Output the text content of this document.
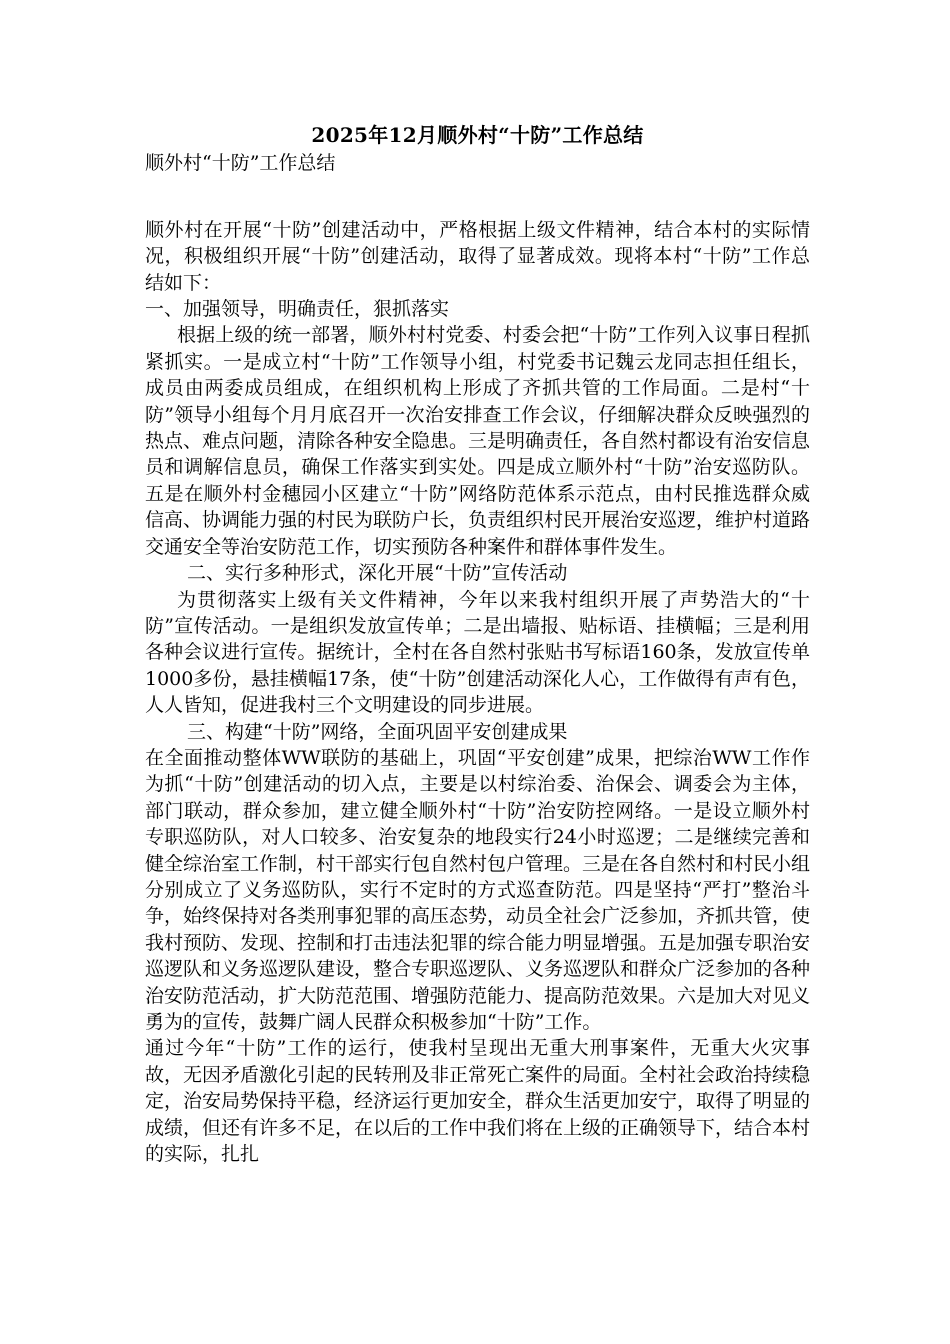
2025年12月顺外村“十防”工作总结

顺外村“十防”工作总结

顺外村在开展“十防”创建活动中，严格根据上级文件精神，结合本村的实际情况，积极组织开展“十防”创建活动，取得了显著成效。现将本村“十防”工作总结如下：

一、加强领导，明确责任，狠抓落实

根据上级的统一部署，顺外村村党委、村委会把“十防”工作列入议事日程抓紧抓实。一是成立村“十防”工作领导小组，村党委书记魏云龙同志担任组长，成员由两委成员组成，在组织机构上形成了齐抓共管的工作局面。二是村“十防”领导小组每个月月底召开一次治安排查工作会议，仔细解决群众反映强烈的热点、难点问题，清除各种安全隐患。三是明确责任，各自然村都设有治安信息员和调解信息员，确保工作落实到实处。四是成立顺外村“十防”治安巡防队。五是在顺外村金穗园小区建立“十防”网络防范体系示范点，由村民推选群众威信高、协调能力强的村民为联防户长，负责组织村民开展治安巡逻，维护村道路交通安全等治安防范工作，切实预防各种案件和群体事件发生。

二、实行多种形式，深化开展“十防”宣传活动

为贯彻落实上级有关文件精神，今年以来我村组织开展了声势浩大的“十防”宣传活动。一是组织发放宣传单；二是出墙报、贴标语、挂横幅；三是利用各种会议进行宣传。据统计，全村在各自然村张贴书写标语160条，发放宣传单1000多份，悬挂横幅17条，使“十防”创建活动深化人心，工作做得有声有色，人人皆知，促进我村三个文明建设的同步进展。

三、构建“十防”网络，全面巩固平安创建成果

在全面推动整体WW联防的基础上，巩固“平安创建”成果，把综治WW工作作为抓“十防”创建活动的切入点，主要是以村综治委、治保会、调委会为主体，部门联动，群众参加，建立健全顺外村“十防”治安防控网络。一是设立顺外村专职巡防队，对人口较多、治安复杂的地段实行24小时巡逻；二是继续完善和健全综治室工作制，村干部实行包自然村包户管理。三是在各自然村和村民小组分别成立了义务巡防队，实行不定时的方式巡查防范。四是坚持“严打”整治斗争，始终保持对各类刑事犯罪的高压态势，动员全社会广泛参加，齐抓共管，使我村预防、发现、控制和打击违法犯罪的综合能力明显增强。五是加强专职治安巡逻队和义务巡逻队建设，整合专职巡逻队、义务巡逻队和群众广泛参加的各种治安防范活动，扩大防范范围、增强防范能力、提高防范效果。六是加大对见义勇为的宣传，鼓舞广阔人民群众积极参加“十防”工作。

通过今年“十防”工作的运行，使我村呈现出无重大刑事案件，无重大火灾事故，无因矛盾激化引起的民转刑及非正常死亡案件的局面。全村社会政治持续稳定，治安局势保持平稳，经济运行更加安全，群众生活更加安宁，取得了明显的成绩，但还有许多不足，在以后的工作中我们将在上级的正确领导下，结合本村的实际，扎扎
